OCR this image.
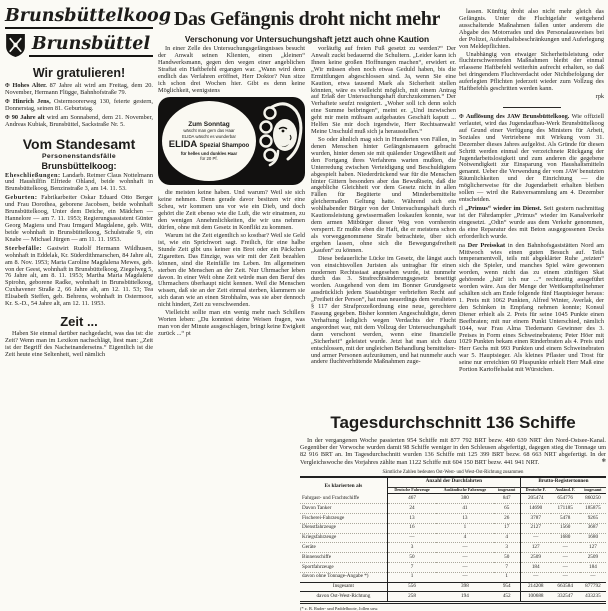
Brunsbüttelkoog
Brunsbüttel
Wir gratulieren!

✠ Hohes Alter. 87 Jahre alt wird am Freitag, dem 20. November, Hermann Flügge, Bahnhofstraße 79.

✠ Hinrich Jens, Ostermoorerweg 130, feierte gestern, Donnerstag, seinen 81. Geburtstag.

✠ 90 Jahre alt wird am Sonnabend, dem 21. November, Andreas Kubiak, Brunsbüttel, Sackstraße Nr. 5.

Vom Standesamt
Personenstandsfälle
Brunsbüttelkoog:

Eheschließungen: Landarb. Reimer Claus Nottelmann und Haushilfin Elfriede Ohland, beide wohnhaft in Brunsbüttelkoog, Benzinstraße 3, am 14. 11. 53.

Geburten: Fabrikarbeiter Oskar Eduard Otto Berger und Frau Dorothea, geborene Jacobsen, beide wohnhaft Brunsbüttelkoog, Unter dem Deiche, ein Mädchen — Hannelore — am 7. 11. 1953; Regierungsassistent Günter Georg Magiera und Frau Irmgard Magdalene, geb. Witt, beide wohnhaft in Brunsbüttelkoog, Schulstraße 9, ein Knabe — Michael Jürgen — am 11. 11. 1953.

Sterbefälle: Gastwirt Rudolf Hermann Wildhusen, wohnhaft in Eddelak, Kr. Süderdithmarschen, 84 Jahre alt, am 8. Nov. 1953; Maria Caroline Magdalena Mewes, geb. von der Geest, wohnhaft in Brunsbüttelkoog, Ziegelweg 5, 76 Jahre alt, am 8. 11. 1953; Martha Maria Magdalene Spirohn, geborene Radke, wohnhaft in Brunsbüttelkoog, Cuxhavener Straße 2, 66 Jahre alt, am 12. 11. 53; Tea Elisabeth Steffen, geb. Behrens, wohnhaft in Ostermoor, Kr. S.-D., 54 Jahre alt, am 12. 11. 1953.

Zeit ...

Haben Sie einmal darüber nachgedacht, was das ist: die Zeit? Wenn man im Lexikon nachschlägt, liest man: „Zeit ist der Begriff des Nacheinanderseins.“ Eigentlich ist die Zeit heute eine Seltenheit, weil nämlich

Das Gefängnis droht nicht mehr
Verschonung vor Untersuchungshaft jetzt auch ohne Kaution

In einer Zelle des Untersuchungsgefängnisses besucht der Anwalt seinen Klienten, einen „kleinen“ Handwerksmann, gegen den wegen einer angeblichen Straftat ein Haftbefehl ergangen war. „Wann wird denn endlich das Verfahren eröffnet, Herr Doktor? Nun sitze ich schon drei Wochen hier. Gibt es denn keine Möglichkeit, wenigstens

Zum Sonntag
wäscht man gern das Haar
ELIDA wäscht es wunderbar
ELIDA Spezial Shampoo
für helles und dunkles Haar
für 20 Pf.

die meisten keine haben. Und warum? Weil sie sich keine nehmen. Denn gerade davor besitzen wir eine Scheu, wir kommen uns vor wie ein Dieb, und doch gehört die Zeit ebenso wie die Luft, die wir einatmen, zu den wenigen Annehmlichkeiten, die wir uns nehmen dürfen, ohne mit dem Gesetz in Konflikt zu kommen.

Warum ist die Zeit eigentlich so kostbar? Weil sie Geld ist, wie ein Sprichwort sagt. Freilich, für eine halbe Stunde Zeit gibt uns keiner ein Brot oder ein Päckchen Zigaretten. Das Einzige, was wir mit der Zeit bezahlen können, sind die Reinfälle im Leben. Im allgemeinen sterben die Menschen an der Zeit. Nur Uhrmacher leben davon. In einer Welt ohne Zeit würde man den Beruf des Uhrmachers überhaupt nicht kennen. Weil die Menschen wissen, daß sie an der Zeit einmal sterben, klammern sie sich daran wie an einen Strohhalm, was sie aber dennoch nicht hindert, Zeit zu verschwenden.

Vielleicht sollte man ein wenig mehr nach Schillers Worten leben: „Du konntest deine Weisen fragen, was man von der Minute ausgeschlagen, bringt keine Ewigkeit zurück ...“ pt

vorläufig auf freien Fuß gesetzt zu werden?“ Der Anwalt zuckt bedauernd die Schultern. „Leider kann ich Ihnen keine großen Hoffnungen machen“, erwidert er. „Wir müssen eben noch etwas Geduld haben, bis die Ermittlungen abgeschlossen sind. Ja, wenn Sie eine Kaution, etwa tausend Mark als Sicherheit stellen könnten, wäre es vielleicht möglich, mit einem Antrag auf Erlaß der Untersuchungshaft durchzukommen.“ Der Verhaftete seufzt resigniert. „Woher soll ich denn solch eine Summe beibringen“, meint er. „Und inzwischen geht mir mein mühsam aufgebautes Geschäft kaputt ... Helfen Sie mir doch irgendwie, Herr Rechtsanwalt! Meine Unschuld muß sich ja herausstellen.“

So oder ähnlich mag sich in Hunderten von Fällen, in denen Menschen hinter Gefängnismauern gebracht wurden, hinter denen sie mit quälender Ungewißheit auf den Fortgang ihres Verfahrens warten mußten, die Unterredung zwischen Verteidigung und Beschuldigtem abgespielt haben. Niederdrückend war für die Menschen hinter Gittern besonders aber das Bewußtsein, daß die angebliche Gleichheit vor dem Gesetz nicht in allen Fällen für Begüterte und Minderbemittelte gleichermaßen Geltung hatte. Während sich ein wohlhabender Bürger von der Untersuchungshaft durch Kautionsleistung gewissermaßen loskaufen konnte, war dem armen Mitbürger dieser Weg von vornherein versperrt. Er mußte eben die Haft, die er meistens schon als vorweggenommene Strafe betrachtete, über sich ergehen lassen, ohne sich die Bewegungsfreiheit „kaufen“ zu können.

Diese bedauerliche Lücke im Gesetz, die längst auch von einsichtsvollen Juristen als untragbar für einen modernen Rechtsstaat angesehen wurde, ist nunmehr durch das 3. Strafrechtsänderungsgesetz beseitigt worden. Ausgehend von dem im Bonner Grundgesetz ausdrücklich jedem Staatsbürger verbrieften Recht auf „Freiheit der Person“, hat man neuerdings dem veralteten § 117 der Strafprozeßordnung eine neue, gerechtere Fassung gegeben. Bisher konnten Angeschuldigte, deren Verhaftung lediglich wegen Verdachts der Flucht angeordnet war, mit dem Vollzug der Untersuchungshaft dann verschont werden, wenn eine finanzielle „Sicherheit“ geleistet wurde. Jetzt hat man sich dazu entschlossen, mit der ungleichen Behandlung bemittelter- und armer Personen aufzuräumen, und hat nunmehr auch andere fluchtverhütende Maßnahmen zuge-

lassen. Künftig droht also nicht mehr gleich das Gefängnis. Unter die Fluchtgefahr weitgehend ausschaltende Maßnahmen fallen unter anderem die Abgabe des Motorrades und des Personalausweises bei der Polizei, Aufenthaltsbeschränkungen und Auferlegung von Meldepflichten.

Unabhängig von etwaiger Sicherheitsleistung oder fluchterschwerenden Maßnahmen bleibt der einmal erlassene Haftbefehl weiterhin aufrecht erhalten, so daß bei dringendem Fluchtverdacht oder Nichtbefolgung der auferlegten Pflichten jederzeit wieder zum Vollzug des Haftbefehls geschritten werden kann.

rpk

✠ Auflösung des JAW Brunsbüttelkoog. Wie offiziell verlautet, wird das Jugendaufbau-Werk Brunsbüttelkoog auf Grund einer Verfügung des Ministers für Arbeit, Soziales und Vertriebene mit Wirkung vom 31. Dezember dieses Jahres aufgelöst. Als Gründe für diesen Schritt werden einmal der verzeichnete Rückgang der Jugendarbeitslosigkeit und zum anderen die gegebene Notwendigkeit zur Einsparung von Haushaltsmitteln genannt. Ueber die Verwendung der vom JAW benutzten Räumlichkeiten und der Einrichtung — die möglicherweise für die Jugendarbeit erhalten bleiben sollen — wird die Ratsversammlung am 4. Dezember entscheiden.

rl „Primus“ wieder im Dienst. Seit gestern nachmittag ist der Fährdampfer „Primus“ wieder im Kanalverkehr eingesetzt. „Odin“ wurde aus dem Verkehr genommen, da eine Reparatur des mit Beton ausgegossenen Decks erforderlich wurde.

na Der Preisskat in den Bahnhofsgaststätten Nord am Mittwoch wies einen guten Besuch auf. Teils temperamentvoll, teils mit abgeklärter Ruhe „reizten“ sich die Spieler, und manches Spiel wäre gewonnen worden, wenn nicht das zu einem zünftigen Skat gehörende „hätt' ich nur ...“ rechtzeitig ausgeführt worden wäre. Aus der Menge der Wettkampfteilnehmer schälten sich am Ende folgende fünf Hauptsieger heraus: 1. Preis mit 1062 Punkten, Alfred Winter, Averlak, der den Schinken in Empfang nehmen konnte; Konsul Diener erhielt als 2. Preis für seine 1045 Punkte einen Beefbraten; mit nur einem Punkt Unterschied, nämlich 1044, war Frau Alma Tiedemann Gewinner des 3. Preises in Form eines Schweinebratens; Peter Höer mit 1029 Punkten bekam einen Rinderbraten als 4. Preis und Herr Gechs mit 993 Punkten und einem Schweinebraten war 5. Hauptsieger. Als kleines Pflaster und Trost für seine nur erreichten 60 Pluspunkte erhielt Herr Maß eine Portion Kartoffelsalat mit Würstchen.

Tagesdurchschnitt 136 Schiffe

In der vergangenen Woche passierten 954 Schiffe mit 877 792 BRT bezw. 480 639 NRT den Nord-Ostsee-Kanal. Gegenüber der Vorwoche wurden damit 98 Schiffe weniger in den Schleusen abgefertigt, dagegen stieg die Tonnage um 82 916 BRT an. Im Tagesdurchschnitt wurden 136 Schiffe mit 125 399 BRT bezw. 68 663 NRT abgefertigt. In der Vergleichswoche des Vorjahres zählte man 1122 Schiffe mit 604 150 BRT bezw. 441 941 NRT.	✻

Sämtliche Zahlen bedeuten Ost-West- und West-Ost-Richtung zusammen
Es klarierten als	Anzahl der Durchfahrten			Brutto-Registertonnen		
	Deutsche Fahrzeuge	Ausländische Fahrzeuge	insgesamt	Deutsche F.	Ausländ. F.	insgesamt
Fahrgast- und Frachtschiffe	467	380	847	205474	654776	860250
Davon Tanker	24	41	65	14690	171185	185875
Fischerei-Fahrzeuge	13	13	26	3787	5478	9265
Dienstfahrzeuge	16	1	17	2127	1560	3687
Kriegsfahrzeuge	—	4	4	—	1680	1680
Geräte	3	—	3	127	—	127
Binnenschiffe	50	—	50	2509	—	2509
Sportfahrzeuge	7	—	7	184	—	184
davon ohne Tonnage-Angabe *)	1	—	1	—	—	—
Insgesamt	556	398	954	214208	663584	877792
davon Ost-West-Richtung	258	194	452	100688	332547	433235
(* z. B. Ruder- und Paddelboote, Jollen usw.
